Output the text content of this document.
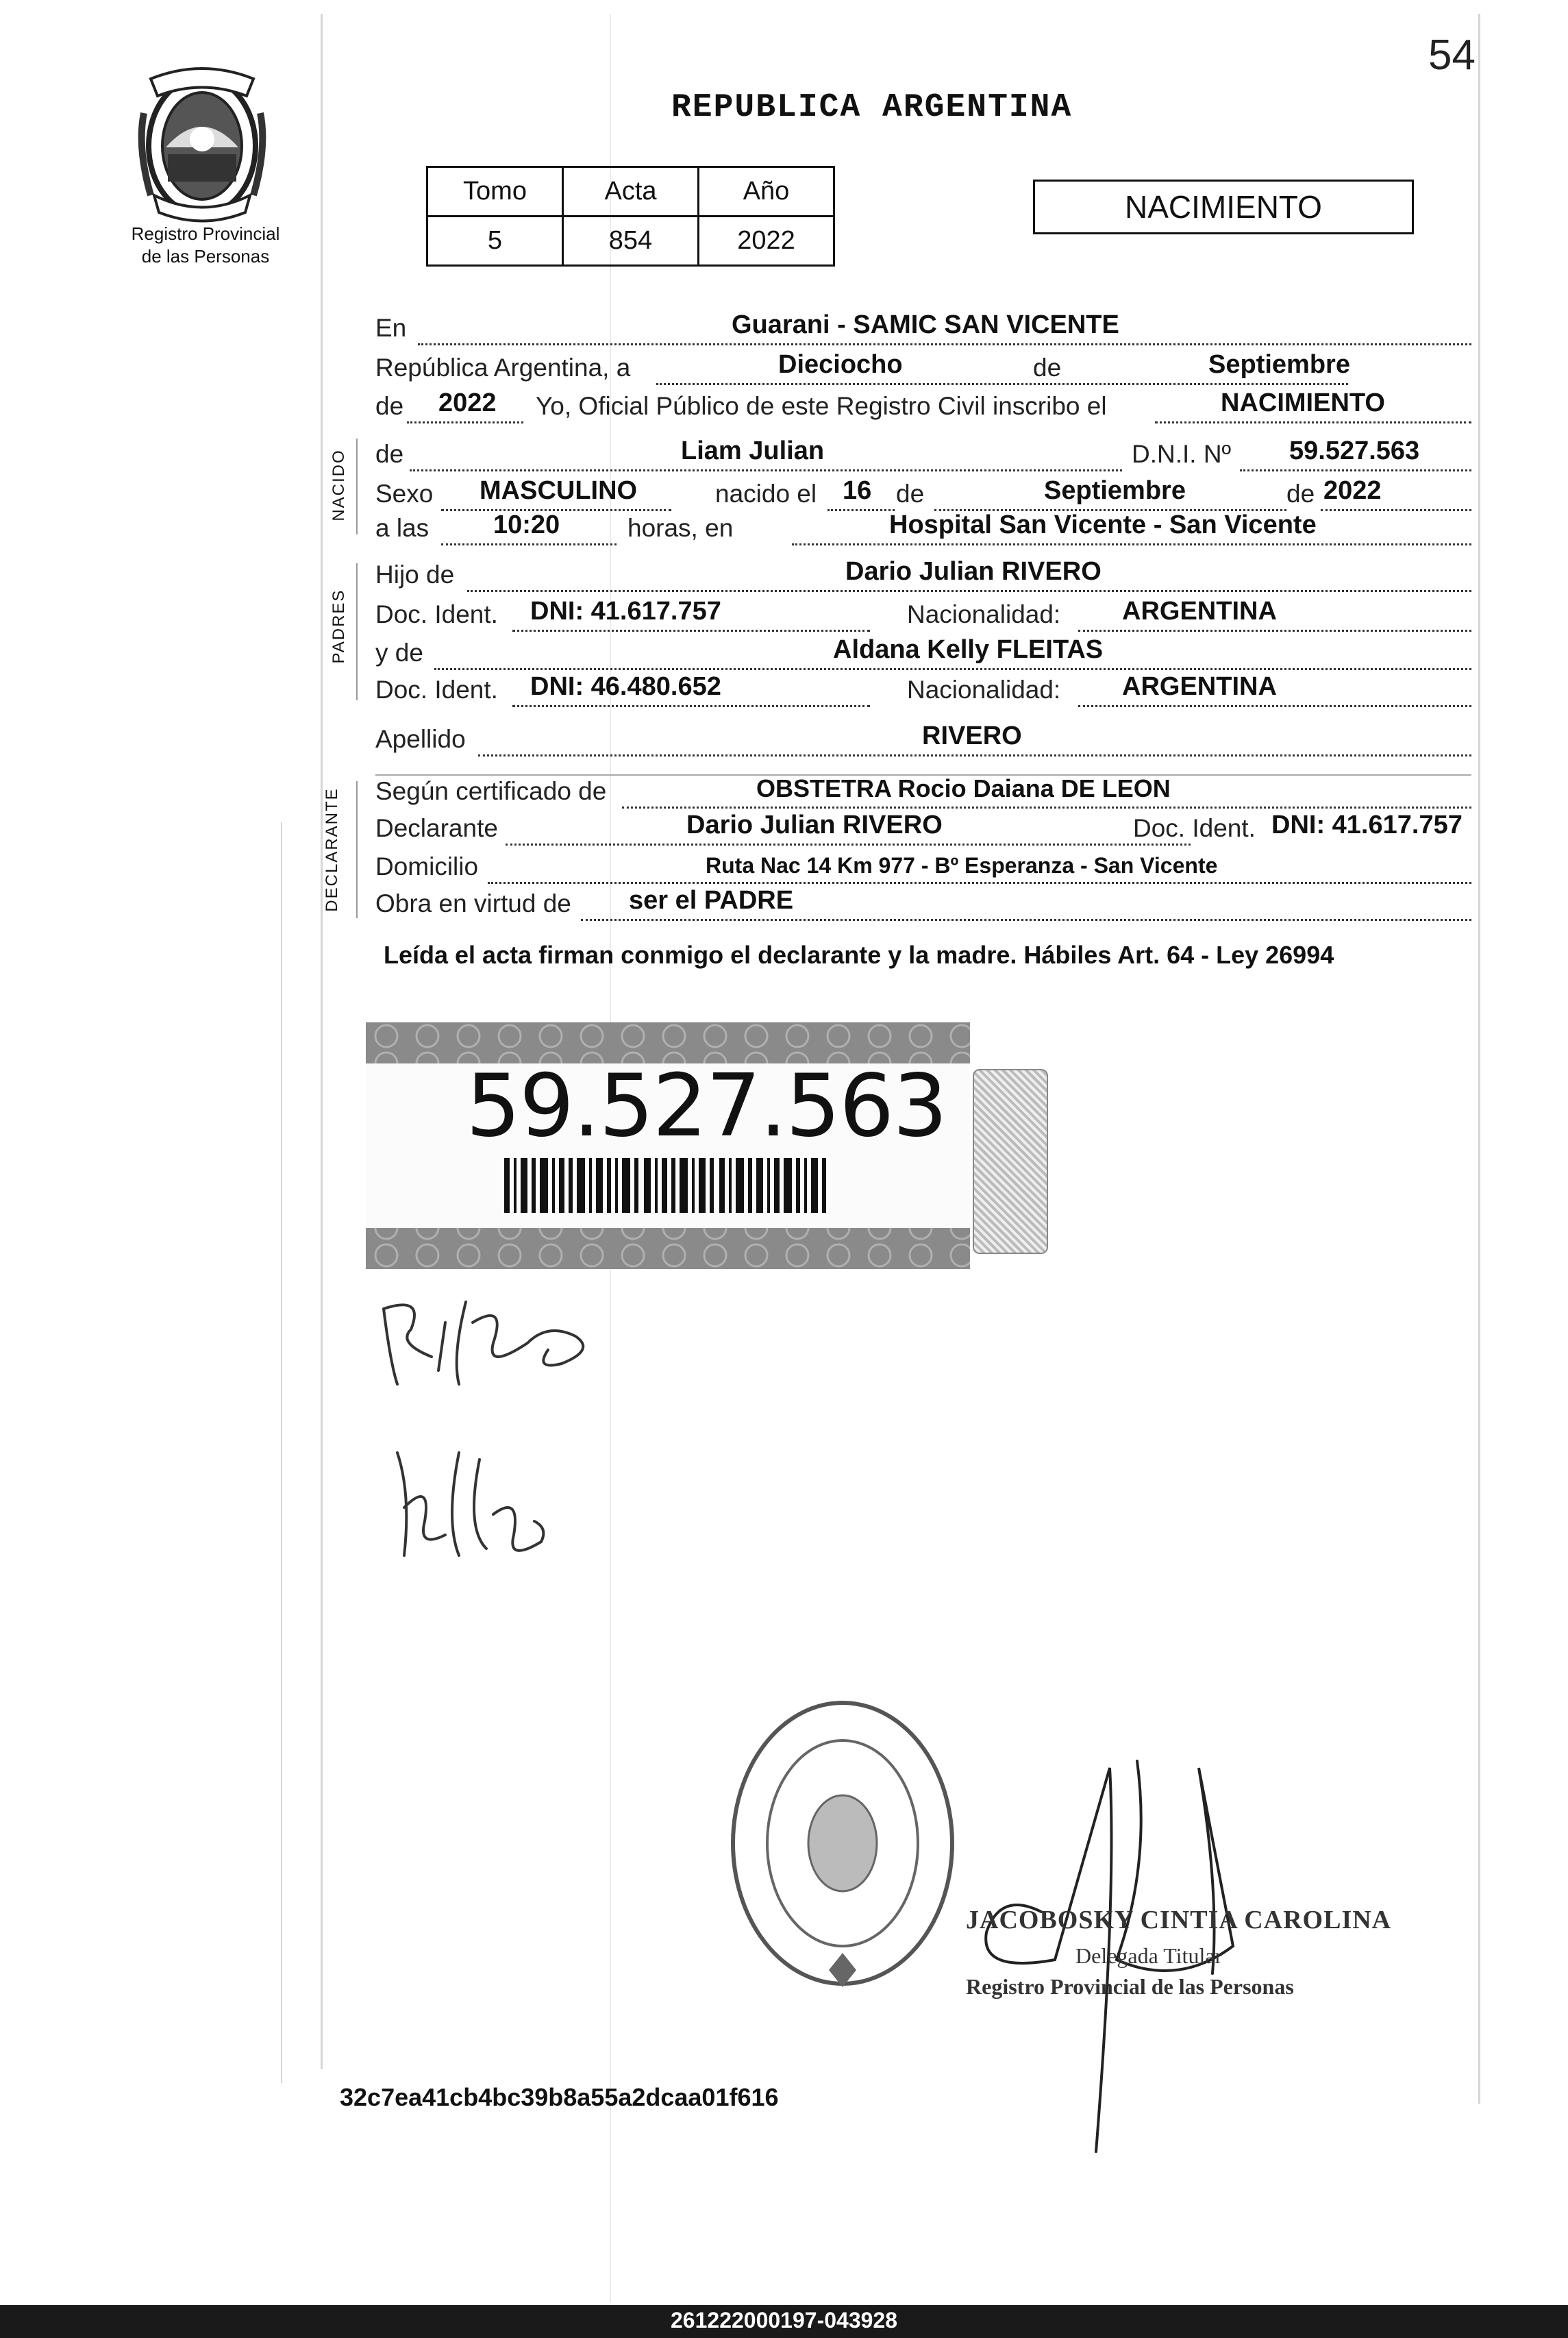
54
REPUBLICA ARGENTINA
Registro Provincial
de las Personas
Tomo	Acta	Año
5	854	2022
NACIMIENTO
En	Guarani - SAMIC SAN VICENTE
República Argentina, a	Dieciocho	de	Septiembre
de 2022 Yo, Oficial Público de este Registro Civil inscribo el	NACIMIENTO
NACIDO de	Liam Julian	D.N.I. Nº 59.527.563
Sexo MASCULINO	nacido el 16 de	Septiembre	de 2022
a las 10:20	horas, en	Hospital San Vicente - San Vicente
PADRES
Hijo de	Dario Julian RIVERO
Doc. Ident. DNI: 41.617.757	Nacionalidad: ARGENTINA
y de	Aldana Kelly FLEITAS
Doc. Ident. DNI: 46.480.652	Nacionalidad: ARGENTINA
Apellido	RIVERO
DECLARANTE Según certificado de	OBSTETRA Rocio Daiana DE LEON
Declarante	Dario Julian RIVERO	Doc. Ident. DNI: 41.617.757
Domicilio	Ruta Nac 14 Km 977 - Bº Esperanza - San Vicente
Obra en virtud de ser el PADRE
Leída el acta firman conmigo el declarante y la madre. Hábiles Art. 64 - Ley 26994
59.527.563
JACOBOSKY CINTIA CAROLINA
Delegada Titular
Registro Provincial de las Personas
32c7ea41cb4bc39b8a55a2dcaa01f616
261222000197-043928
